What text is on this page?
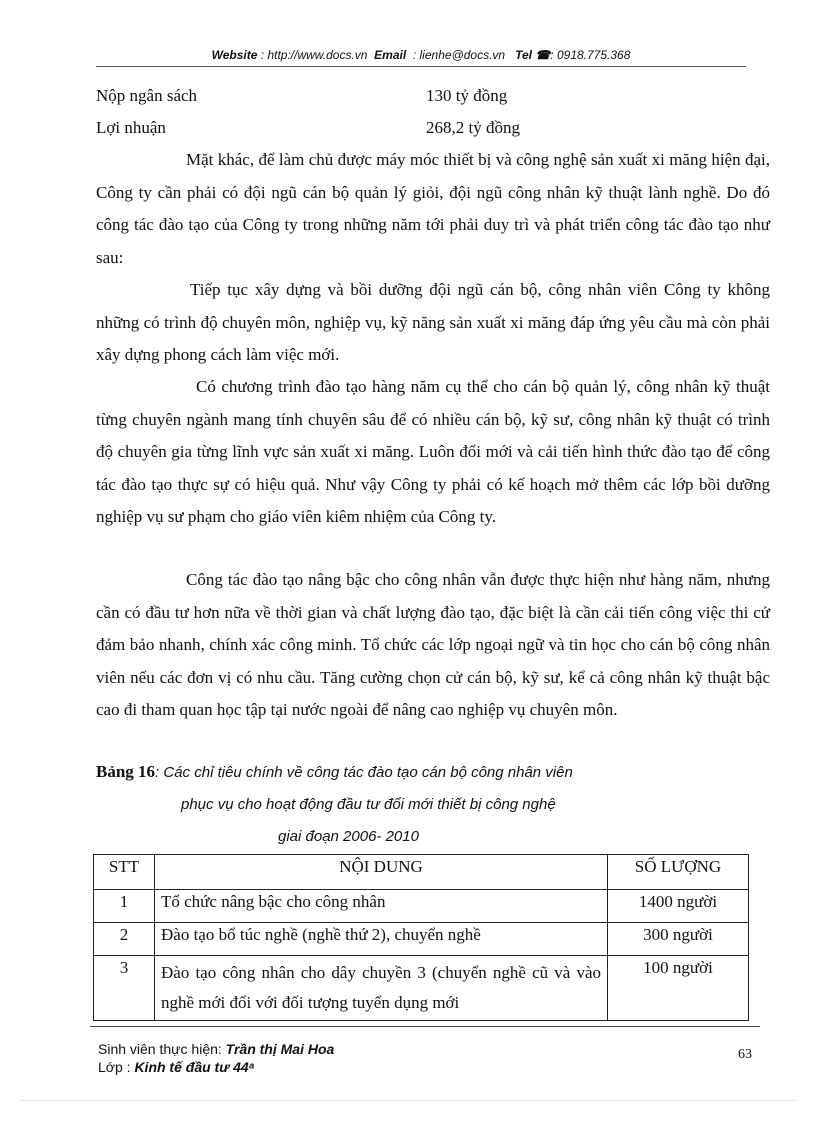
Website : http://www.docs.vn Email  : lienhe@docs.vn Tel ☎: 0918.775.368
Nộp ngân sách	130 tỷ đồng
Lợi nhuận	268,2 tỷ đồng
Mặt khác, để làm chủ được máy móc thiết bị và công nghệ sản xuất xi măng hiện đại, Công ty cần phải có đội ngũ cán bộ quản lý giỏi, đội ngũ công nhân kỹ thuật lành nghề. Do đó công tác đào tạo của Công ty trong những năm tới phải duy trì và phát triển công tác đào tạo như sau:
Tiếp tục xây dựng và bồi dưỡng đội ngũ cán bộ, công nhân viên Công ty không những có trình độ chuyên môn, nghiệp vụ, kỹ năng sản xuất xi măng đáp ứng yêu cầu mà còn phải xây dựng phong cách làm việc mới.
Có chương trình đào tạo hàng năm cụ thể cho cán bộ quản lý, công nhân kỹ thuật từng chuyên ngành mang tính chuyên sâu để có nhiều cán bộ, kỹ sư, công nhân kỹ thuật có trình độ chuyên gia từng lĩnh vực sản xuất xi măng. Luôn đổi mới và cải tiến hình thức đào tạo để công tác đào tạo thực sự có hiệu quả. Như vậy Công ty phải có kế hoạch mở thêm các lớp bồi dưỡng nghiệp vụ sư phạm cho giáo viên kiêm nhiệm của Công ty.
Công tác đào tạo nâng bậc cho công nhân vẫn được thực hiện như hàng năm, nhưng cần có đầu tư hơn nữa về thời gian và chất lượng đào tạo, đặc biệt là cần cải tiến công việc thi cử đảm bảo nhanh, chính xác công minh. Tổ chức các lớp ngoại ngữ và tin học cho cán bộ công nhân viên nếu các đơn vị có nhu cầu. Tăng cường chọn cử cán bộ, kỹ sư, kể cả công nhân kỹ thuật bậc cao đi tham quan học tập tại nước ngoài để nâng cao nghiệp vụ chuyên môn.
Bảng 16: Các chỉ tiêu chính về công tác đào tạo cán bộ công nhân viên
phục vụ cho hoạt động đầu tư đổi mới thiết bị công nghệ
giai đoạn 2006- 2010
STT	NỘI DUNG	SỐ LƯỢNG
1	Tổ chức nâng bậc cho công nhân	1400 người
2	Đào tạo bổ túc nghề (nghề thứ 2), chuyển nghề	300 người
3	Đào tạo công nhân cho dây chuyền 3 (chuyển nghề cũ và vào nghề mới đối với đối tượng tuyển dụng mới	100 người
Sinh viên thực hiện: Trần thị Mai Hoa
Lớp : Kinh tế đầu tư 44ᵃ
63
